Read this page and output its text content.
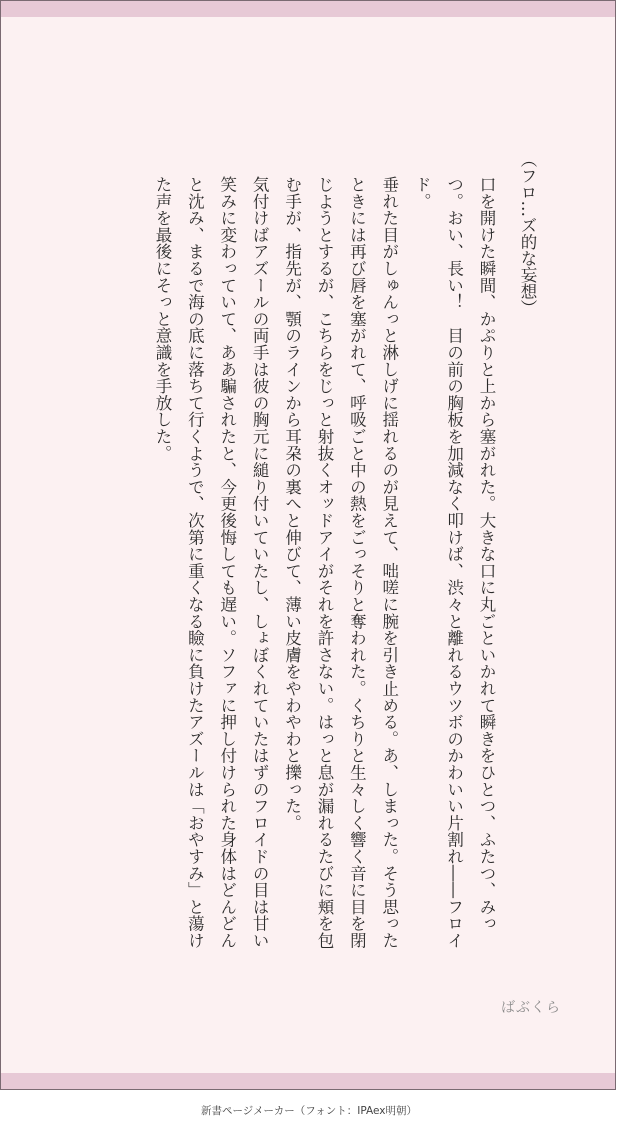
（フロ…ズ的な妄想）

口を開けた瞬間、かぷりと上から塞がれた。大きな口に丸ごといかれて瞬きをひとつ、ふたつ、みっつ。おい、長い！　目の前の胸板を加減なく叩けば、渋々と離れるウツボのかわいい片割れ――フロイド。

垂れた目がしゅんっと淋しげに揺れるのが見えて、咄嗟に腕を引き止める。あ、しまった。そう思ったときには再び唇を塞がれて、呼吸ごと中の熱をごっそりと奪われた。くちりと生々しく響く音に目を閉じようとするが、こちらをじっと射抜くオッドアイがそれを許さない。はっと息が漏れるたびに頬を包む手が、指先が、顎のラインから耳朶の裏へと伸びて、薄い皮膚をやわやわと擽った。

気付けばアズールの両手は彼の胸元に縋り付いていたし、しょぼくれていたはずのフロイドの目は甘い笑みに変わっていて、ああ騙されたと、今更後悔しても遅い。ソファに押し付けられた身体はどんどんと沈み、まるで海の底に落ちて行くようで、次第に重くなる瞼に負けたアズールは「おやすみ」と蕩けた声を最後にそっと意識を手放した。

ばぶくら
新書ページメーカー（フォント：IPAex明朝）
